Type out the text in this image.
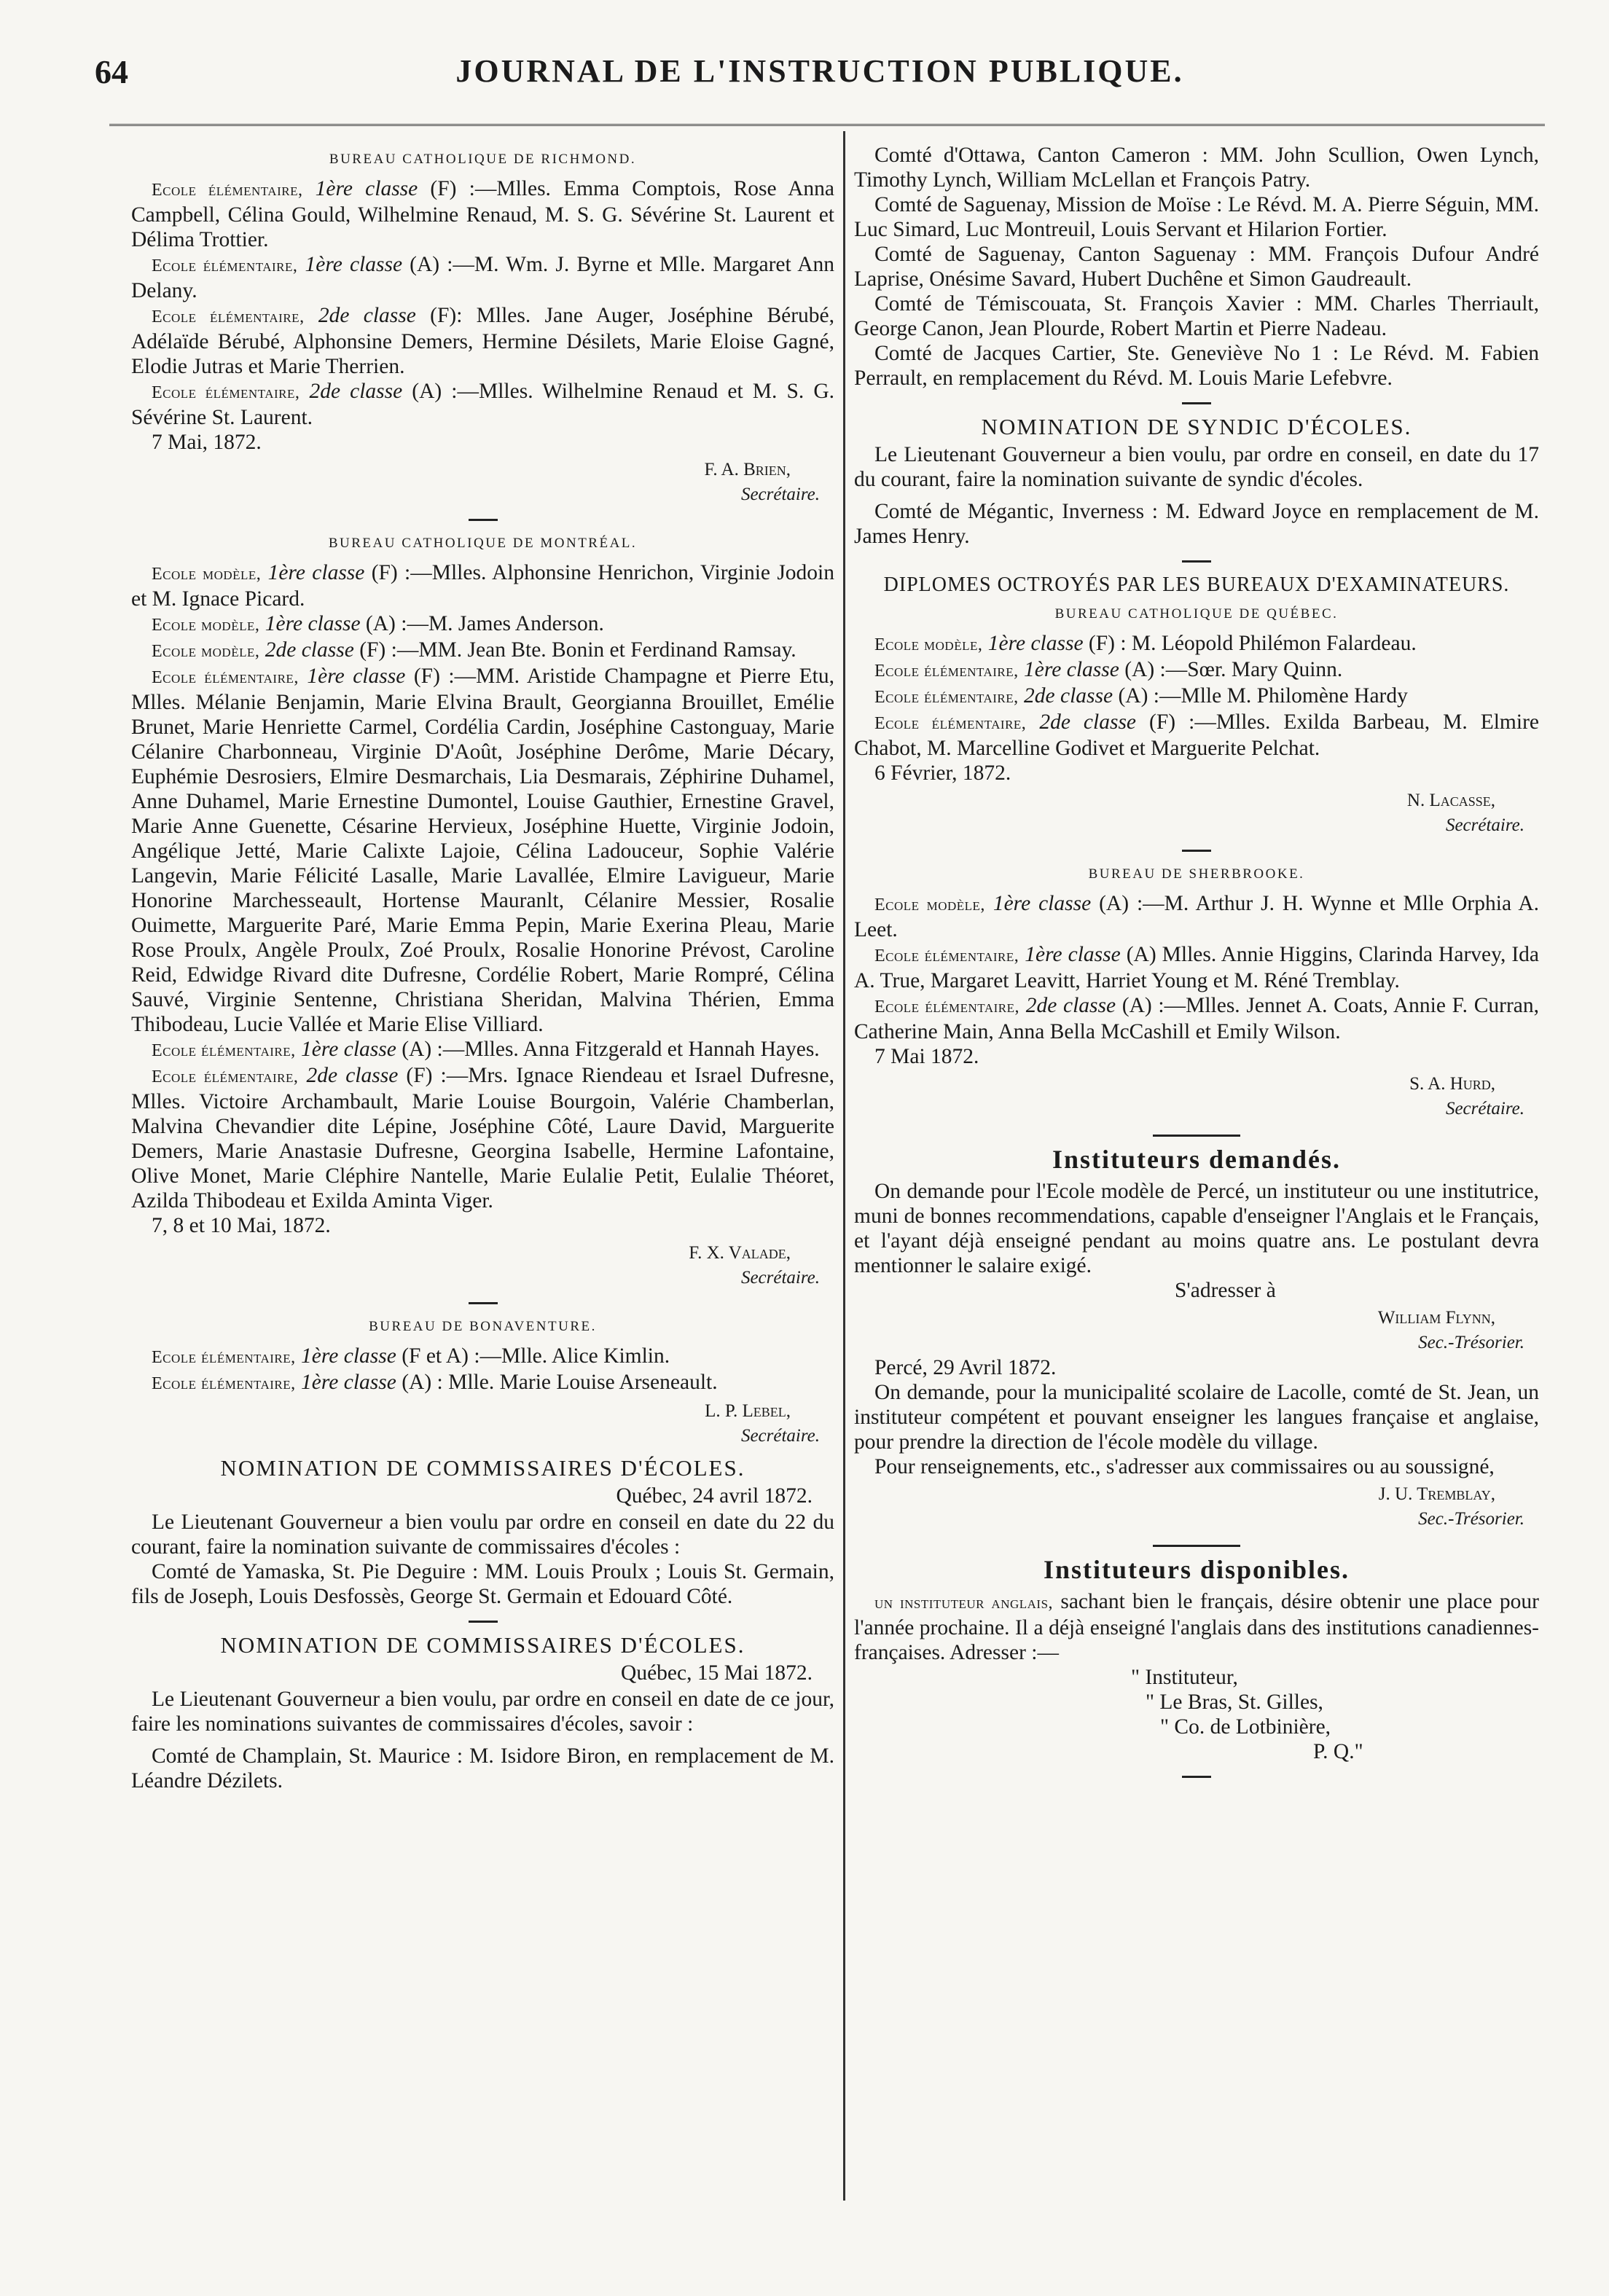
64	JOURNAL DE L'INSTRUCTION PUBLIQUE.
BUREAU CATHOLIQUE DE RICHMOND.

Ecole élémentaire, 1ère classe (F) :—Mlles. Emma Comptois, Rose Anna Campbell, Célina Gould, Wilhelmine Renaud, M. S. G. Sévérine St. Laurent et Délima Trottier.

Ecole élémentaire, 1ère classe (A) :—M. Wm. J. Byrne et Mlle. Margaret Ann Delany.

Ecole élémentaire, 2de classe (F): Mlles. Jane Auger, Joséphine Bérubé, Adélaïde Bérubé, Alphonsine Demers, Hermine Désilets, Marie Eloise Gagné, Elodie Jutras et Marie Therrien.

Ecole élémentaire, 2de classe (A) :—Mlles. Wilhelmine Renaud et M. S. G. Sévérine St. Laurent.

7 Mai, 1872.

F. A. Brien,

Secrétaire.

BUREAU CATHOLIQUE DE MONTRÉAL.

Ecole modèle, 1ère classe (F) :—Mlles. Alphonsine Henrichon, Virginie Jodoin et M. Ignace Picard.

Ecole modèle, 1ère classe (A) :—M. James Anderson.

Ecole modèle, 2de classe (F) :—MM. Jean Bte. Bonin et Ferdinand Ramsay.

Ecole élémentaire, 1ère classe (F) :—MM. Aristide Champagne et Pierre Etu, Mlles. Mélanie Benjamin, Marie Elvina Brault, Georgianna Brouillet, Emélie Brunet, Marie Henriette Carmel, Cordélia Cardin, Joséphine Castonguay, Marie Célanire Charbonneau, Virginie D'Août, Joséphine Derôme, Marie Décary, Euphémie Desrosiers, Elmire Desmarchais, Lia Desmarais, Zéphirine Duhamel, Anne Duhamel, Marie Ernestine Dumontel, Louise Gauthier, Ernestine Gravel, Marie Anne Guenette, Césarine Hervieux, Joséphine Huette, Virginie Jodoin, Angélique Jetté, Marie Calixte Lajoie, Célina Ladouceur, Sophie Valérie Langevin, Marie Félicité Lasalle, Marie Lavallée, Elmire Lavigueur, Marie Honorine Marchesseault, Hortense Mauranlt, Célanire Messier, Rosalie Ouimette, Marguerite Paré, Marie Emma Pepin, Marie Exerina Pleau, Marie Rose Proulx, Angèle Proulx, Zoé Proulx, Rosalie Honorine Prévost, Caroline Reid, Edwidge Rivard dite Dufresne, Cordélie Robert, Marie Rompré, Célina Sauvé, Virginie Sentenne, Christiana Sheridan, Malvina Thérien, Emma Thibodeau, Lucie Vallée et Marie Elise Villiard.

Ecole élémentaire, 1ère classe (A) :—Mlles. Anna Fitzgerald et Hannah Hayes.

Ecole élémentaire, 2de classe (F) :—Mrs. Ignace Riendeau et Israel Dufresne, Mlles. Victoire Archambault, Marie Louise Bourgoin, Valérie Chamberlan, Malvina Chevandier dite Lépine, Joséphine Côté, Laure David, Marguerite Demers, Marie Anastasie Dufresne, Georgina Isabelle, Hermine Lafontaine, Olive Monet, Marie Cléphire Nantelle, Marie Eulalie Petit, Eulalie Théoret, Azilda Thibodeau et Exilda Aminta Viger.

7, 8 et 10 Mai, 1872.

F. X. Valade,

Secrétaire.

BUREAU DE BONAVENTURE.

Ecole élémentaire, 1ère classe (F et A) :—Mlle. Alice Kimlin.

Ecole élémentaire, 1ère classe (A) : Mlle. Marie Louise Arseneault.

L. P. Lebel,

Secrétaire.

NOMINATION DE COMMISSAIRES D'ÉCOLES.

Québec, 24 avril 1872.

Le Lieutenant Gouverneur a bien voulu par ordre en conseil en date du 22 du courant, faire la nomination suivante de commissaires d'écoles :

Comté de Yamaska, St. Pie Deguire : MM. Louis Proulx ; Louis St. Germain, fils de Joseph, Louis Desfossès, George St. Germain et Edouard Côté.

NOMINATION DE COMMISSAIRES D'ÉCOLES.

Québec, 15 Mai 1872.

Le Lieutenant Gouverneur a bien voulu, par ordre en conseil en date de ce jour, faire les nominations suivantes de commissaires d'écoles, savoir :

Comté de Champlain, St. Maurice : M. Isidore Biron, en remplacement de M. Léandre Dézilets.

Comté d'Ottawa, Canton Cameron : MM. John Scullion, Owen Lynch, Timothy Lynch, William McLellan et François Patry.

Comté de Saguenay, Mission de Moïse : Le Révd. M. A. Pierre Séguin, MM. Luc Simard, Luc Montreuil, Louis Servant et Hilarion Fortier.

Comté de Saguenay, Canton Saguenay : MM. François Dufour André Laprise, Onésime Savard, Hubert Duchêne et Simon Gaudreault.

Comté de Témiscouata, St. François Xavier : MM. Charles Therriault, George Canon, Jean Plourde, Robert Martin et Pierre Nadeau.

Comté de Jacques Cartier, Ste. Geneviève No 1 : Le Révd. M. Fabien Perrault, en remplacement du Révd. M. Louis Marie Lefebvre.

NOMINATION DE SYNDIC D'ÉCOLES.

Le Lieutenant Gouverneur a bien voulu, par ordre en conseil, en date du 17 du courant, faire la nomination suivante de syndic d'écoles.

Comté de Mégantic, Inverness : M. Edward Joyce en remplacement de M. James Henry.

DIPLOMES OCTROYÉS PAR LES BUREAUX D'EXAMINATEURS.
BUREAU CATHOLIQUE DE QUÉBEC.

Ecole modèle, 1ère classe (F) : M. Léopold Philémon Falardeau.

Ecole élémentaire, 1ère classe (A) :—Sœr. Mary Quinn.

Ecole élémentaire, 2de classe (A) :—Mlle M. Philomène Hardy

Ecole élémentaire, 2de classe (F) :—Mlles. Exilda Barbeau, M. Elmire Chabot, M. Marcelline Godivet et Marguerite Pelchat.

6 Février, 1872.

N. Lacasse,

Secrétaire.

BUREAU DE SHERBROOKE.

Ecole modèle, 1ère classe (A) :—M. Arthur J. H. Wynne et Mlle Orphia A. Leet.

Ecole élémentaire, 1ère classe (A) Mlles. Annie Higgins, Clarinda Harvey, Ida A. True, Margaret Leavitt, Harriet Young et M. Réné Tremblay.

Ecole élémentaire, 2de classe (A) :—Mlles. Jennet A. Coats, Annie F. Curran, Catherine Main, Anna Bella McCashill et Emily Wilson.

7 Mai 1872.

S. A. Hurd,

Secrétaire.

Instituteurs demandés.

On demande pour l'Ecole modèle de Percé, un instituteur ou une institutrice, muni de bonnes recommendations, capable d'enseigner l'Anglais et le Français, et l'ayant déjà enseigné pendant au moins quatre ans. Le postulant devra mentionner le salaire exigé.

S'adresser à

William Flynn,

Sec.-Trésorier.

Percé, 29 Avril 1872.

On demande, pour la municipalité scolaire de Lacolle, comté de St. Jean, un instituteur compétent et pouvant enseigner les langues française et anglaise, pour prendre la direction de l'école modèle du village.

Pour renseignements, etc., s'adresser aux commissaires ou au soussigné,

J. U. Tremblay,

Sec.-Trésorier.

Instituteurs disponibles.

un instituteur anglais, sachant bien le français, désire obtenir une place pour l'année prochaine. Il a déjà enseigné l'anglais dans des institutions canadiennes-françaises. Adresser :—

" Instituteur,

" Le Bras, St. Gilles,

" Co. de Lotbinière,

P. Q."
